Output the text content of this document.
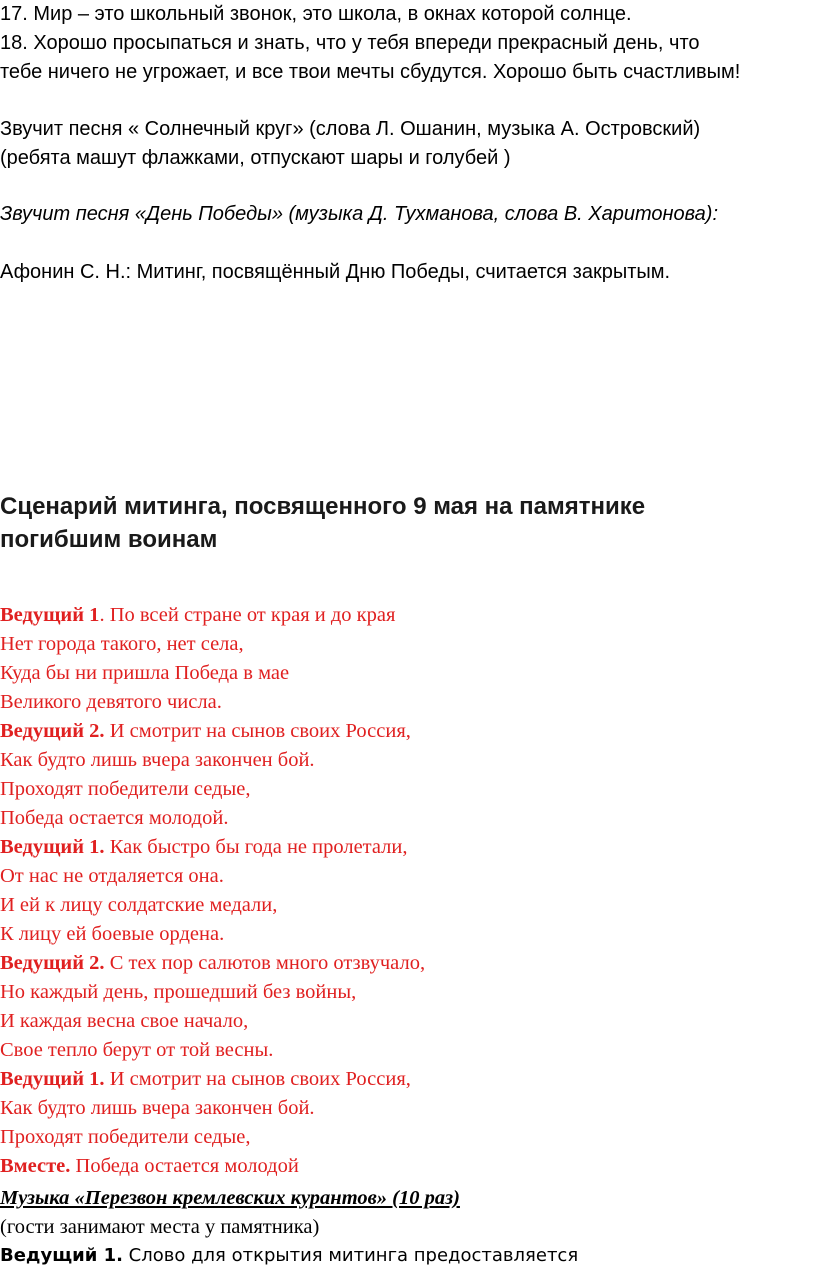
17. Мир – это школьный звонок, это школа, в окнах которой солнце.

18. Хорошо просыпаться и знать, что у тебя впереди прекрасный день, что

тебе ничего не угрожает, и все твои мечты сбудутся. Хорошо быть счастливым!

Звучит песня « Солнечный круг» (слова Л. Ошанин, музыка А. Островский)

(ребята машут флажками, отпускают шары и голубей )

Звучит песня «День Победы» (музыка Д. Тухманова, слова В. Харитонова):

Афонин С. Н.: Митинг, посвящённый Дню Победы, считается закрытым.

Сценарий митинга, посвященного 9 мая на памятнике
погибшим воинам
Ведущий 1. По всей стране от края и до края
Нет города такого, нет села,
Куда бы ни пришла Победа в мае
Великого девятого числа.
Ведущий 2. И смотрит на сынов своих Россия,
Как будто лишь вчера закончен бой.
Проходят победители седые,
Победа остается молодой.
Ведущий 1. Как быстро бы года не пролетали,
От нас не отдаляется она.
И ей к лицу солдатские медали,
К лицу ей боевые ордена.
Ведущий 2. С тех пор салютов много отзвучало,
Но каждый день, прошедший без войны,
И каждая весна свое начало,
Свое тепло берут от той весны.
Ведущий 1. И смотрит на сынов своих Россия,
Как будто лишь вчера закончен бой.
Проходят победители седые,
Вместе. Победа остается молодой
Музыка «Перезвон кремлевских курантов» (10 раз)
(гости занимают места у памятника)
Ведущий 1. Слово для открытия митинга предоставляется
